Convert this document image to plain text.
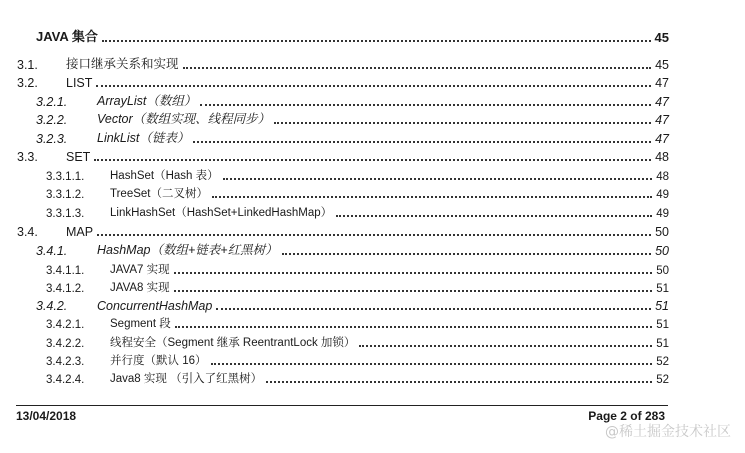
JAVA 集合	45
3.1. 接口继承关系和实现	45
3.2. LIST	47
3.2.1. ArrayList（数组）	47
3.2.2. Vector（数组实现、线程同步）	47
3.2.3. LinkList（链表）	47
3.3. SET	48
3.3.1.1. HashSet（Hash 表）	48
3.3.1.2. TreeSet（二叉树）	49
3.3.1.3. LinkHashSet（HashSet+LinkedHashMap）	49
3.4. MAP	50
3.4.1. HashMap（数组+链表+红黑树）	50
3.4.1.1. JAVA7 实现	50
3.4.1.2. JAVA8 实现	51
3.4.2. ConcurrentHashMap	51
3.4.2.1. Segment 段	51
3.4.2.2. 线程安全（Segment 继承 ReentrantLock 加锁）	51
3.4.2.3. 并行度（默认 16）	52
3.4.2.4. Java8 实现 （引入了红黑树）	52
13/04/2018	Page 2 of 283
@稀土掘金技术社区
